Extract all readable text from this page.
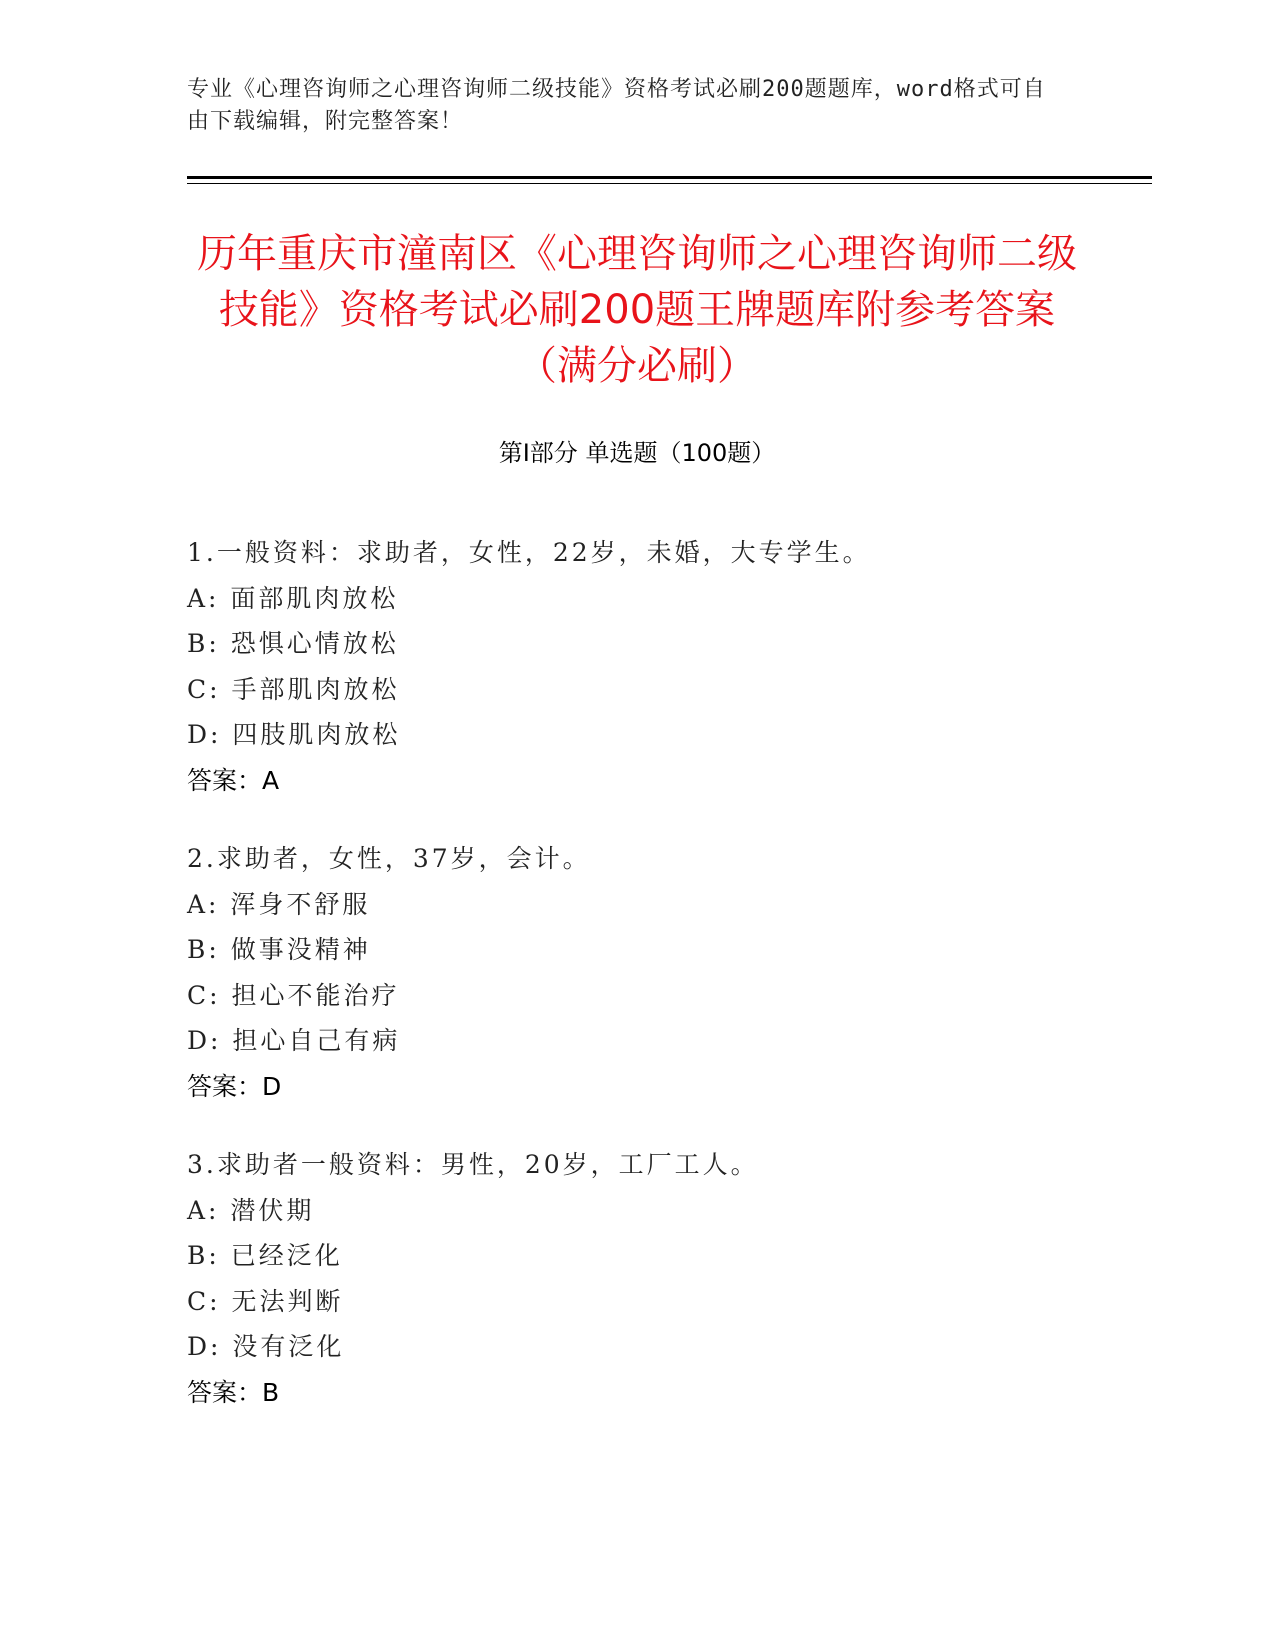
专业《心理咨询师之心理咨询师二级技能》资格考试必刷200题题库，word格式可自由下载编辑，附完整答案！
历年重庆市潼南区《心理咨询师之心理咨询师二级技能》资格考试必刷200题王牌题库附参考答案（满分必刷）
第I部分 单选题（100题）
1.一般资料：求助者，女性，22岁，未婚，大专学生。
A: 面部肌肉放松
B: 恐惧心情放松
C: 手部肌肉放松
D: 四肢肌肉放松
答案：A
2.求助者，女性，37岁，会计。
A: 浑身不舒服
B: 做事没精神
C: 担心不能治疗
D: 担心自己有病
答案：D
3.求助者一般资料：男性，20岁，工厂工人。
A: 潜伏期
B: 已经泛化
C: 无法判断
D: 没有泛化
答案：B
